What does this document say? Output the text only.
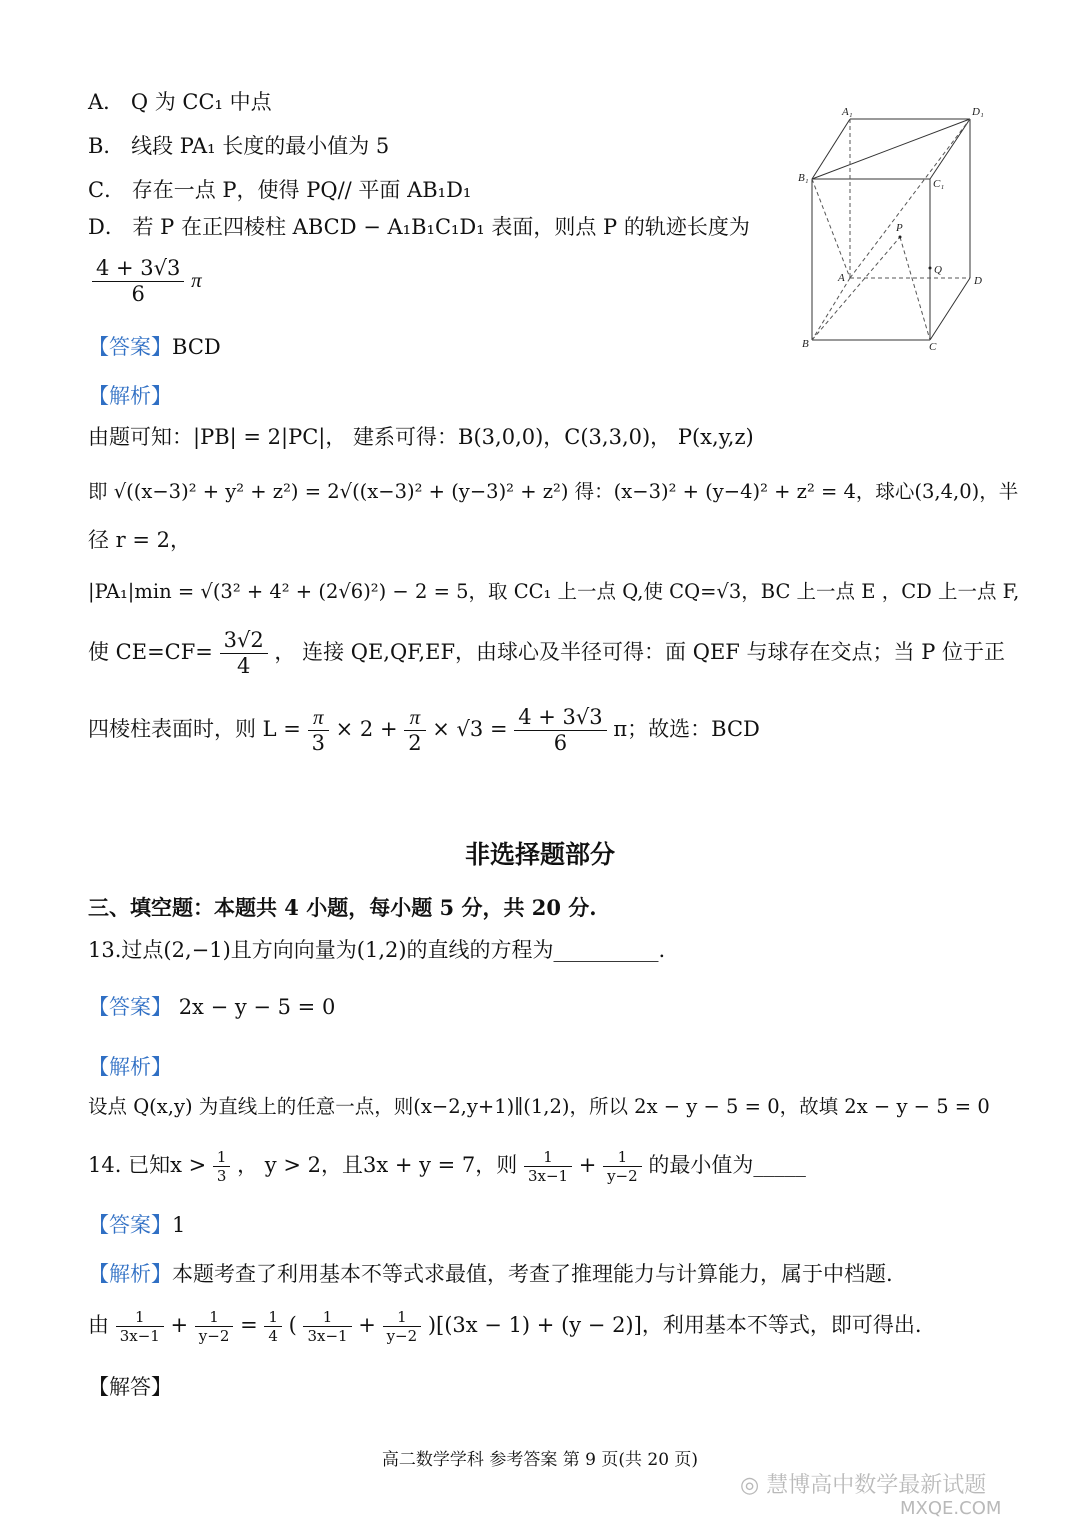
A． Q 为 CC₁ 中点
B． 线段 PA₁ 长度的最小值为 5
C． 存在一点 P，使得 PQ// 平面 AB₁D₁
D． 若 P 在正四棱柱 ABCD − A₁B₁C₁D₁ 表面，则点 P 的轨迹长度为
$\frac{4 + 3√3}{6}$ π
A₁	D₁
B₁	C₁
P
Q
A	D
B	C
【答案】BCD
【解析】
由题可知：|PB| = 2|PC|， 建系可得：B(3,0,0)，C(3,3,0)， P(x,y,z)
即 √((x−3)² + y² + z²) = 2√((x−3)² + (y−3)² + z²) 得：(x−3)² + (y−4)² + z² = 4，球心(3,4,0)，半
径 r = 2，
|PA₁|min = √(3² + 4² + (2√6)²) − 2 = 5，取 CC₁ 上一点 Q,使 CQ=√3，BC 上一点 E ，CD 上一点 F,
使 $CE=CF= \frac{3√2}{4}$ ， 连接 QE,QF,EF，由球心及半径可得：面 QEF 与球存在交点；当 P 位于正
四棱柱表面时，则 $L = \frac{\pi}{3} \times 2 + \frac{\pi}{2} \times √3 = \frac{4 + 3√3}{6}$ π；故选：BCD
非选择题部分
三、填空题：本题共 4 小题，每小题 5 分，共 20 分.
13.过点(2,−1)且方向向量为(1,2)的直线的方程为__________.
【答案】 2x − y − 5 = 0
【解析】
设点 Q(x,y) 为直线上的任意一点，则(x−2,y+1)∥(1,2)，所以 2x − y − 5 = 0，故填 2x − y − 5 = 0
14. 已知$x > \frac{1}{3}$ ， y > 2，且3x + y = 7，则 $\frac{1}{3x-1} + \frac{1}{y-2}$ 的最小值为_____
【答案】1
【解析】本题考查了利用基本不等式求最值，考查了推理能力与计算能力，属于中档题.
由 $\frac{1}{3x-1} + \frac{1}{y-2} = \frac{1}{4}$ ( $\frac{1}{3x-1} + \frac{1}{y-2} )[(3x - 1) + (y - 2)]$，利用基本不等式，即可得出.
【解答】
高二数学学科 参考答案 第 9 页(共 20 页)
◎ 慧博高中数学最新试题
MXQE.COM
